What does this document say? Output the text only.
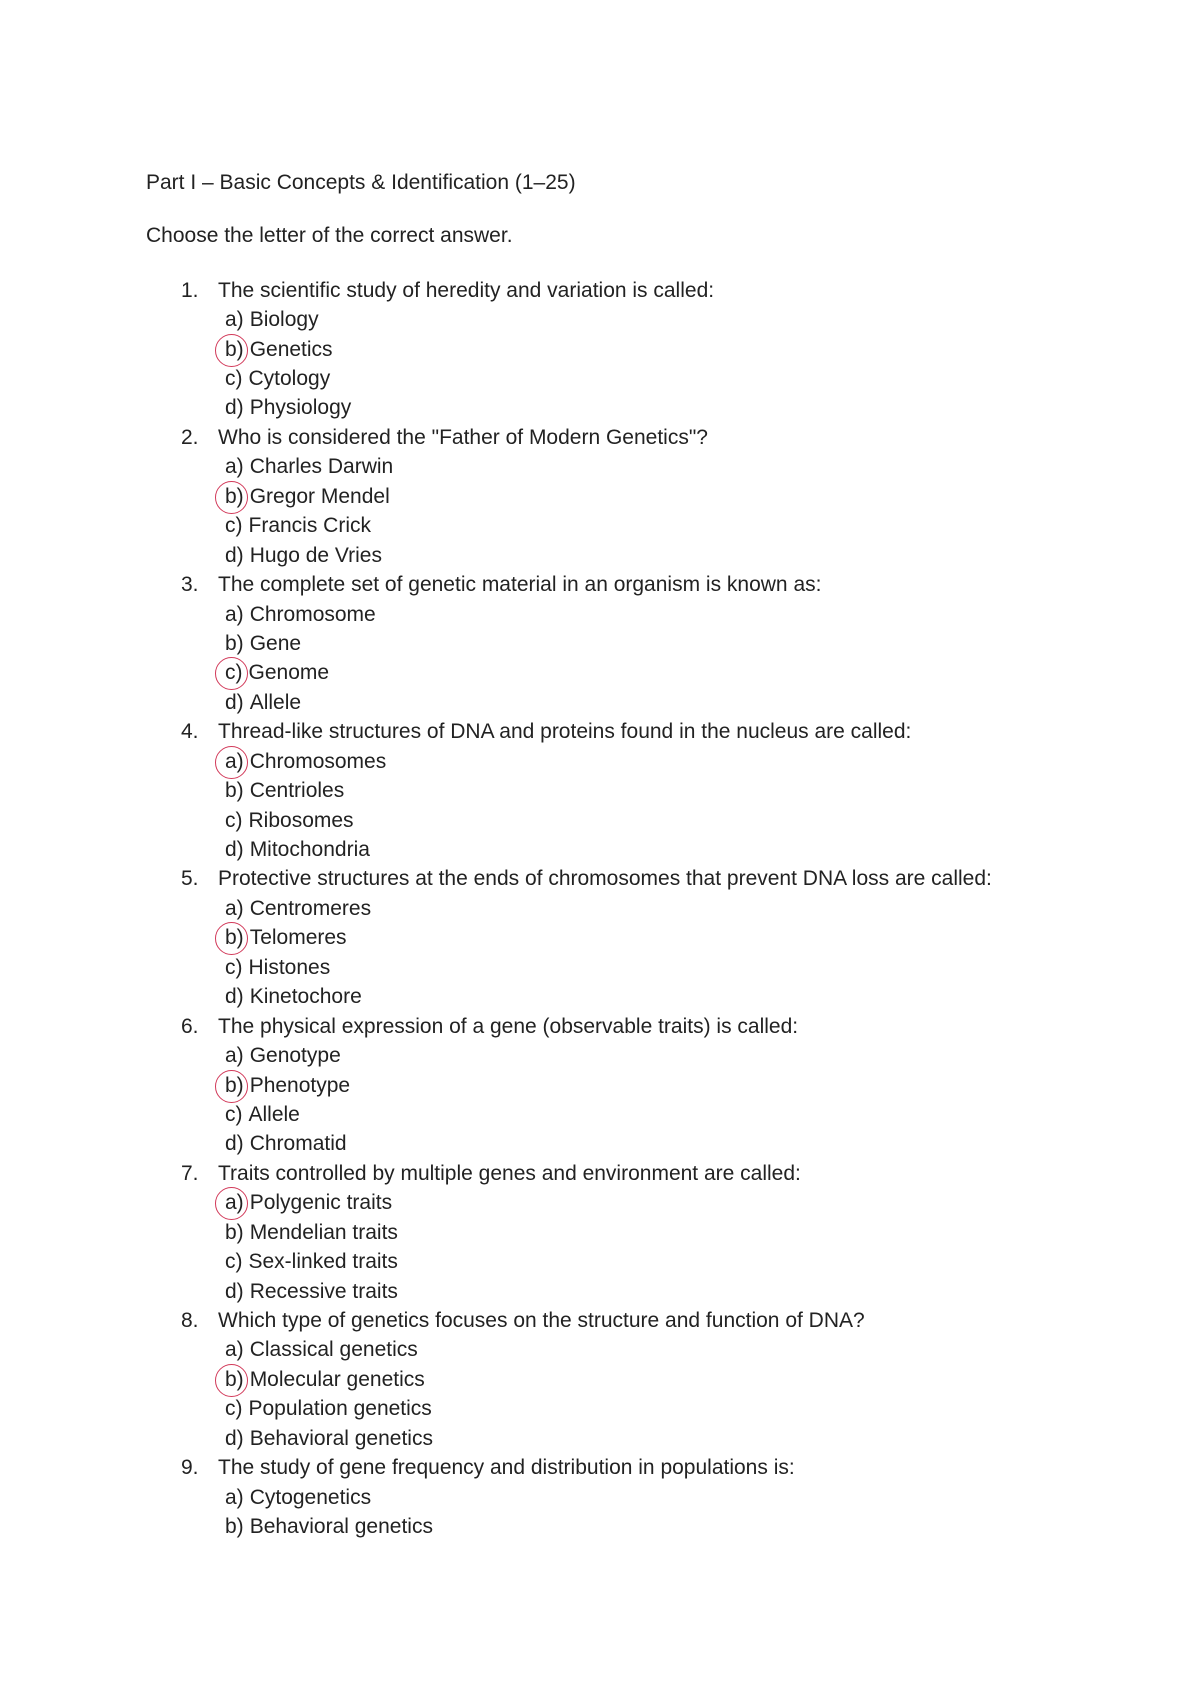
Part I – Basic Concepts & Identification (1–25)
Choose the letter of the correct answer.
1. The scientific study of heredity and variation is called:
a) Biology
b) Genetics
c) Cytology
d) Physiology
2. Who is considered the "Father of Modern Genetics"?
a) Charles Darwin
b) Gregor Mendel
c) Francis Crick
d) Hugo de Vries
3. The complete set of genetic material in an organism is known as:
a) Chromosome
b) Gene
c) Genome
d) Allele
4. Thread-like structures of DNA and proteins found in the nucleus are called:
a) Chromosomes
b) Centrioles
c) Ribosomes
d) Mitochondria
5. Protective structures at the ends of chromosomes that prevent DNA loss are called:
a) Centromeres
b) Telomeres
c) Histones
d) Kinetochore
6. The physical expression of a gene (observable traits) is called:
a) Genotype
b) Phenotype
c) Allele
d) Chromatid
7. Traits controlled by multiple genes and environment are called:
a) Polygenic traits
b) Mendelian traits
c) Sex-linked traits
d) Recessive traits
8. Which type of genetics focuses on the structure and function of DNA?
a) Classical genetics
b) Molecular genetics
c) Population genetics
d) Behavioral genetics
9. The study of gene frequency and distribution in populations is:
a) Cytogenetics
b) Behavioral genetics
